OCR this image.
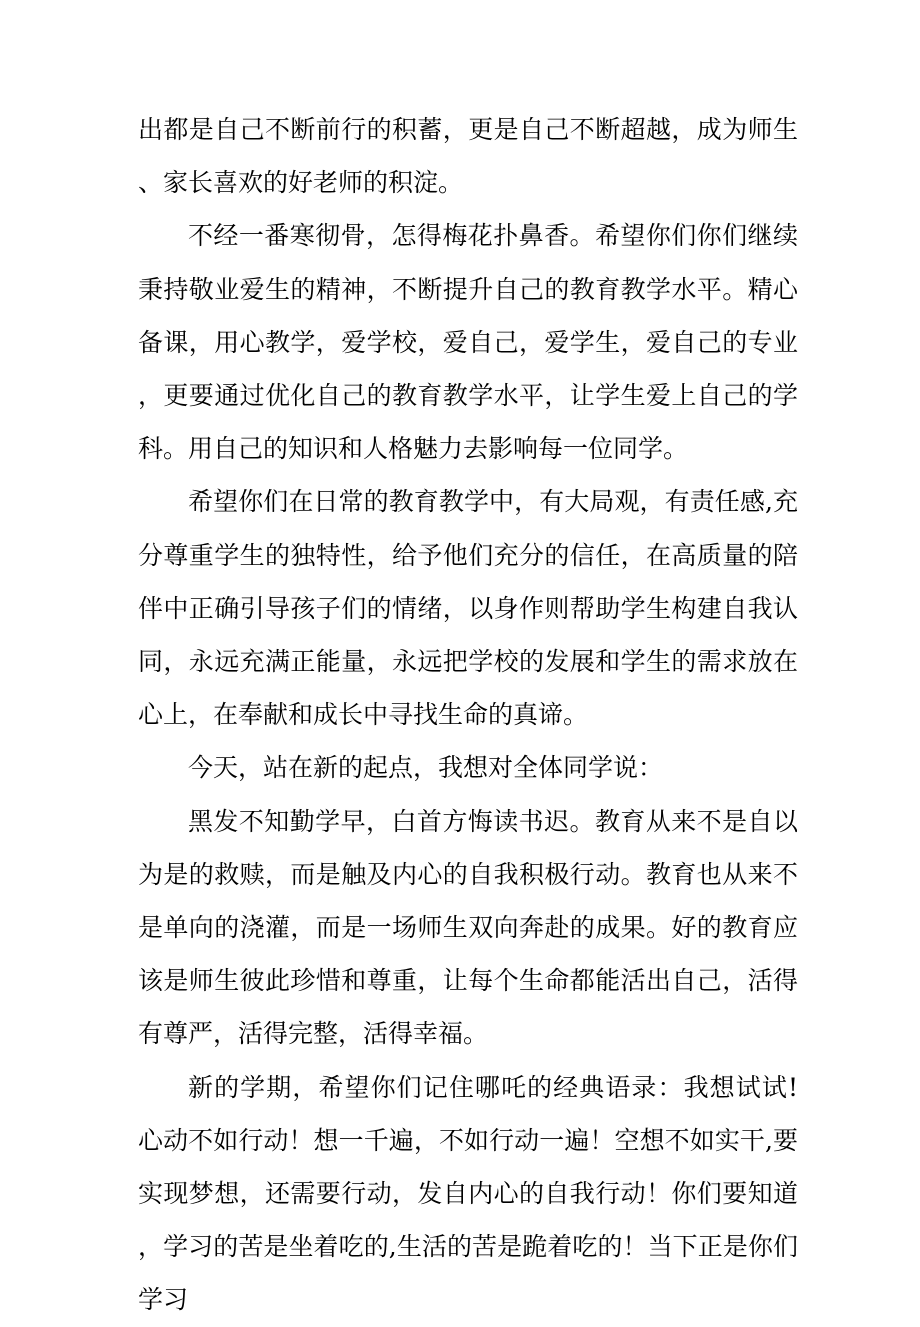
出都是自己不断前行的积蓄，更是自己不断超越，成为师生、家长喜欢的好老师的积淀。

不经一番寒彻骨，怎得梅花扑鼻香。希望你们你们继续秉持敬业爱生的精神，不断提升自己的教育教学水平。精心备课，用心教学，爱学校，爱自己，爱学生，爱自己的专业，更要通过优化自己的教育教学水平，让学生爱上自己的学科。用自己的知识和人格魅力去影响每一位同学。

希望你们在日常的教育教学中，有大局观，有责任感,充分尊重学生的独特性，给予他们充分的信任，在高质量的陪伴中正确引导孩子们的情绪，以身作则帮助学生构建自我认同，永远充满正能量，永远把学校的发展和学生的需求放在心上，在奉献和成长中寻找生命的真谛。

今天，站在新的起点，我想对全体同学说：

黑发不知勤学早，白首方悔读书迟。教育从来不是自以为是的救赎，而是触及内心的自我积极行动。教育也从来不是单向的浇灌，而是一场师生双向奔赴的成果。好的教育应该是师生彼此珍惜和尊重，让每个生命都能活出自己，活得有尊严，活得完整，活得幸福。

新的学期，希望你们记住哪吒的经典语录：我想试试!心动不如行动！想一千遍，不如行动一遍！空想不如实干,要实现梦想，还需要行动，发自内心的自我行动！你们要知道，学习的苦是坐着吃的,生活的苦是跪着吃的！当下正是你们学习
